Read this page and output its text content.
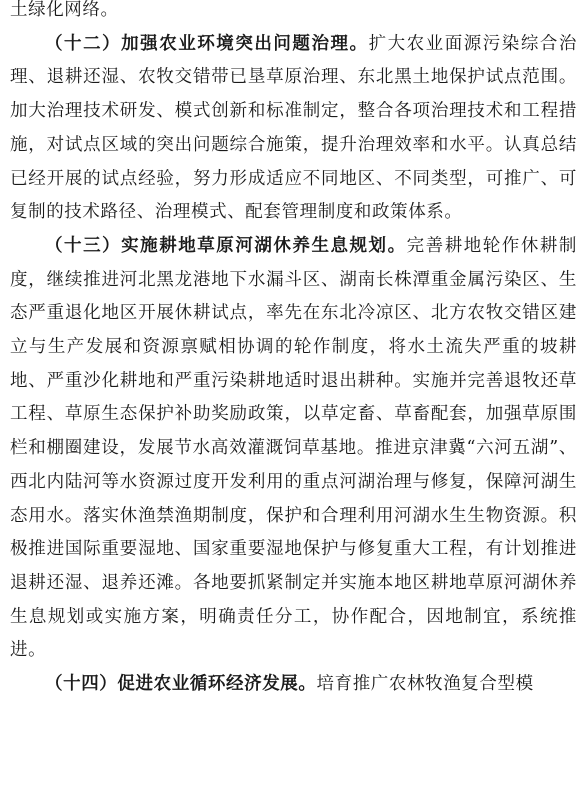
土绿化网络。

（十二）加强农业环境突出问题治理。扩大农业面源污染综合治理、退耕还湿、农牧交错带已垦草原治理、东北黑土地保护试点范围。加大治理技术研发、模式创新和标准制定，整合各项治理技术和工程措施，对试点区域的突出问题综合施策，提升治理效率和水平。认真总结已经开展的试点经验，努力形成适应不同地区、不同类型，可推广、可复制的技术路径、治理模式、配套管理制度和政策体系。

（十三）实施耕地草原河湖休养生息规划。完善耕地轮作休耕制度，继续推进河北黑龙港地下水漏斗区、湖南长株潭重金属污染区、生态严重退化地区开展休耕试点，率先在东北冷凉区、北方农牧交错区建立与生产发展和资源禀赋相协调的轮作制度，将水土流失严重的坡耕地、严重沙化耕地和严重污染耕地适时退出耕种。实施并完善退牧还草工程、草原生态保护补助奖励政策，以草定畜、草畜配套，加强草原围栏和棚圈建设，发展节水高效灌溉饲草基地。推进京津冀“六河五湖”、西北内陆河等水资源过度开发利用的重点河湖治理与修复，保障河湖生态用水。落实休渔禁渔期制度，保护和合理利用河湖水生生物资源。积极推进国际重要湿地、国家重要湿地保护与修复重大工程，有计划推进退耕还湿、退养还滩。各地要抓紧制定并实施本地区耕地草原河湖休养生息规划或实施方案，明确责任分工，协作配合，因地制宜，系统推进。

（十四）促进农业循环经济发展。培育推广农林牧渔复合型模
